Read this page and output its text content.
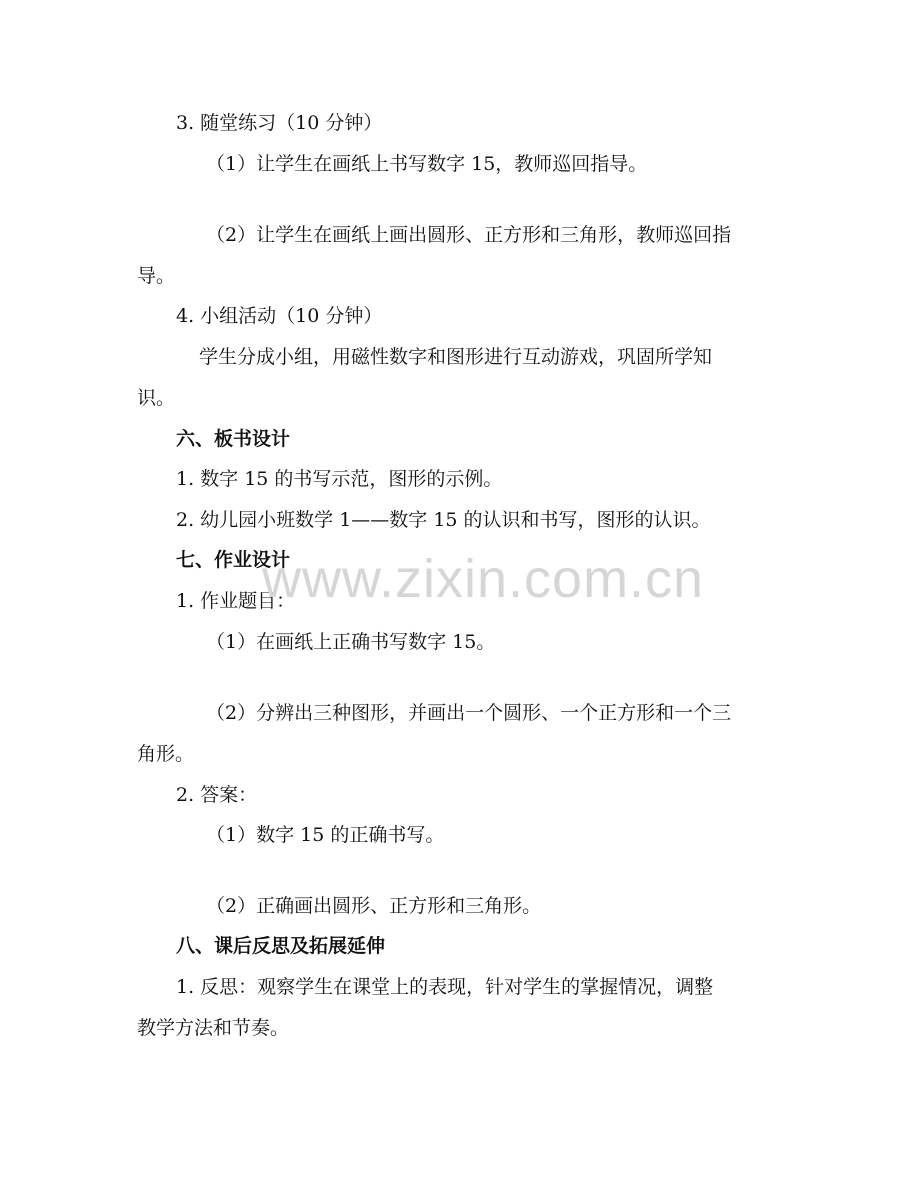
3. 随堂练习（10 分钟）
（1）让学生在画纸上书写数字 15，教师巡回指导。
（2）让学生在画纸上画出圆形、正方形和三角形，教师巡回指
导。
4. 小组活动（10 分钟）
学生分成小组，用磁性数字和图形进行互动游戏，巩固所学知
识。
六、板书设计
1. 数字 15 的书写示范，图形的示例。
2. 幼儿园小班数学 1——数字 15 的认识和书写，图形的认识。
七、作业设计
1. 作业题目：
（1）在画纸上正确书写数字 15。
（2）分辨出三种图形，并画出一个圆形、一个正方形和一个三
角形。
2. 答案：
（1）数字 15 的正确书写。
（2）正确画出圆形、正方形和三角形。
八、课后反思及拓展延伸
1. 反思：观察学生在课堂上的表现，针对学生的掌握情况，调整
教学方法和节奏。
www.zixin.com.cn
